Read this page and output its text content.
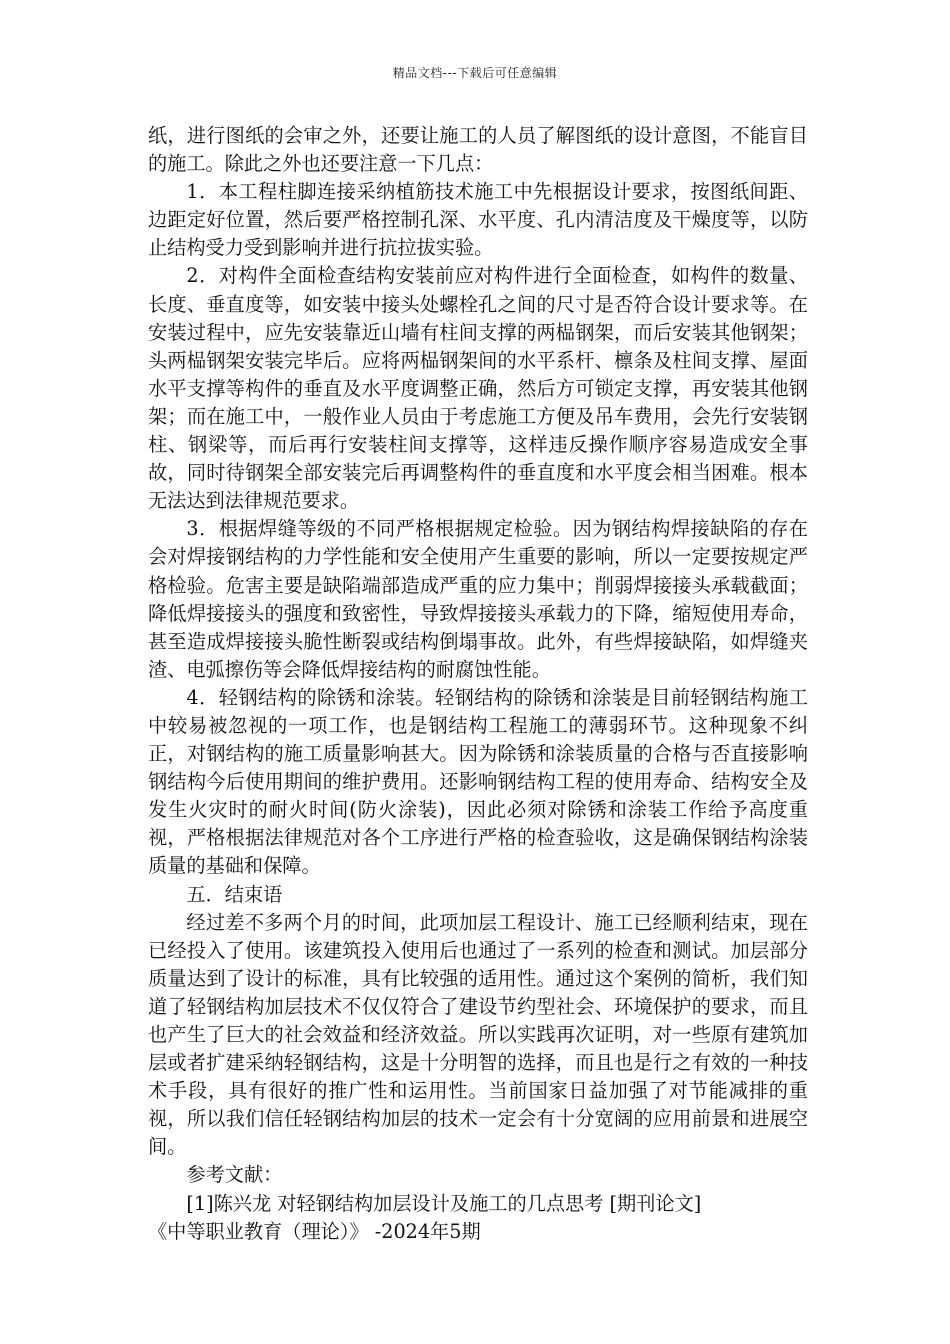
精品文档---下载后可任意编辑

纸，进行图纸的会审之外，还要让施工的人员了解图纸的设计意图，不能盲目的施工。除此之外也还要注意一下几点：

1．本工程柱脚连接采纳植筋技术施工中先根据设计要求，按图纸间距、边距定好位置，然后要严格控制孔深、水平度、孔内清洁度及干燥度等，以防止结构受力受到影响并进行抗拉拔实验。

2．对构件全面检查结构安装前应对构件进行全面检查，如构件的数量、长度、垂直度等，如安装中接头处螺栓孔之间的尺寸是否符合设计要求等。在安装过程中，应先安装靠近山墙有柱间支撑的两榀钢架，而后安装其他钢架；头两榀钢架安装完毕后。应将两榀钢架间的水平系杆、檩条及柱间支撑、屋面水平支撑等构件的垂直及水平度调整正确，然后方可锁定支撑，再安装其他钢架；而在施工中，一般作业人员由于考虑施工方便及吊车费用，会先行安装钢柱、钢梁等，而后再行安装柱间支撑等，这样违反操作顺序容易造成安全事故，同时待钢架全部安装完后再调整构件的垂直度和水平度会相当困难。根本无法达到法律规范要求。

3．根据焊缝等级的不同严格根据规定检验。因为钢结构焊接缺陷的存在会对焊接钢结构的力学性能和安全使用产生重要的影响，所以一定要按规定严格检验。危害主要是缺陷端部造成严重的应力集中；削弱焊接接头承载截面；降低焊接接头的强度和致密性，导致焊接接头承载力的下降，缩短使用寿命，甚至造成焊接接头脆性断裂或结构倒塌事故。此外，有些焊接缺陷，如焊缝夹渣、电弧擦伤等会降低焊接结构的耐腐蚀性能。

4．轻钢结构的除锈和涂装。轻钢结构的除锈和涂装是目前轻钢结构施工中较易被忽视的一项工作，也是钢结构工程施工的薄弱环节。这种现象不纠正，对钢结构的施工质量影响甚大。因为除锈和涂装质量的合格与否直接影响钢结构今后使用期间的维护费用。还影响钢结构工程的使用寿命、结构安全及发生火灾时的耐火时间(防火涂装)，因此必须对除锈和涂装工作给予高度重视，严格根据法律规范对各个工序进行严格的检查验收，这是确保钢结构涂装质量的基础和保障。

五．结束语

经过差不多两个月的时间，此项加层工程设计、施工已经顺利结束，现在已经投入了使用。该建筑投入使用后也通过了一系列的检查和测试。加层部分质量达到了设计的标准，具有比较强的适用性。通过这个案例的简析，我们知道了轻钢结构加层技术不仅仅符合了建设节约型社会、环境保护的要求，而且也产生了巨大的社会效益和经济效益。所以实践再次证明，对一些原有建筑加层或者扩建采纳轻钢结构，这是十分明智的选择，而且也是行之有效的一种技术手段，具有很好的推广性和运用性。当前国家日益加强了对节能减排的重视，所以我们信任轻钢结构加层的技术一定会有十分宽阔的应用前景和进展空间。

参考文献：

[1]陈兴龙 对轻钢结构加层设计及施工的几点思考 [期刊论文]

《中等职业教育（理论）》 -2024年5期
